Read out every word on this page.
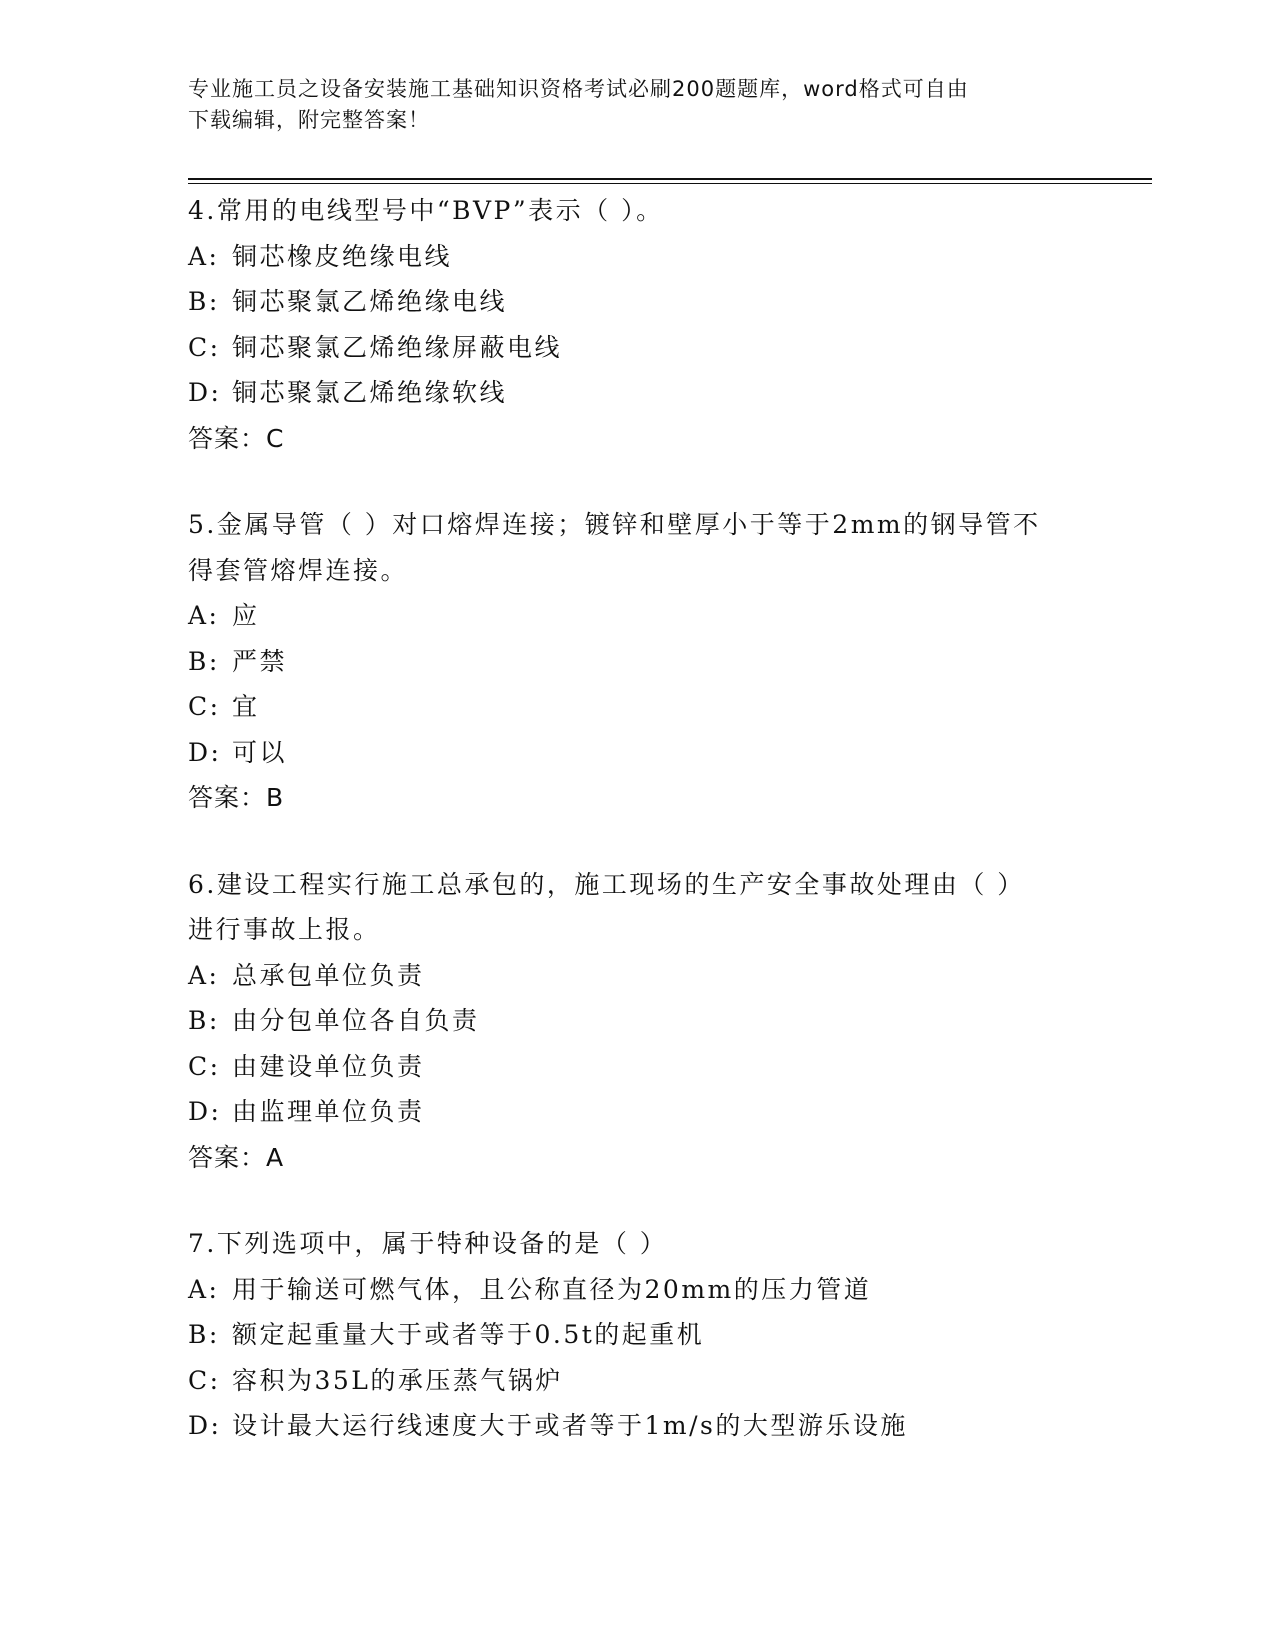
专业施工员之设备安装施工基础知识资格考试必刷200题题库，word格式可自由
下载编辑，附完整答案！
4.常用的电线型号中“BVP”表示（ ）。
A: 铜芯橡皮绝缘电线
B: 铜芯聚氯乙烯绝缘电线
C: 铜芯聚氯乙烯绝缘屏蔽电线
D: 铜芯聚氯乙烯绝缘软线
答案：C
5.金属导管（ ）对口熔焊连接；镀锌和壁厚小于等于2mm的钢导管不
得套管熔焊连接。
A: 应
B: 严禁
C: 宜
D: 可以
答案：B
6.建设工程实行施工总承包的，施工现场的生产安全事故处理由（ ）
进行事故上报。
A: 总承包单位负责
B: 由分包单位各自负责
C: 由建设单位负责
D: 由监理单位负责
答案：A
7.下列选项中，属于特种设备的是（ ）
A: 用于输送可燃气体，且公称直径为20mm的压力管道
B: 额定起重量大于或者等于0.5t的起重机
C: 容积为35L的承压蒸气锅炉
D: 设计最大运行线速度大于或者等于1m/s的大型游乐设施
